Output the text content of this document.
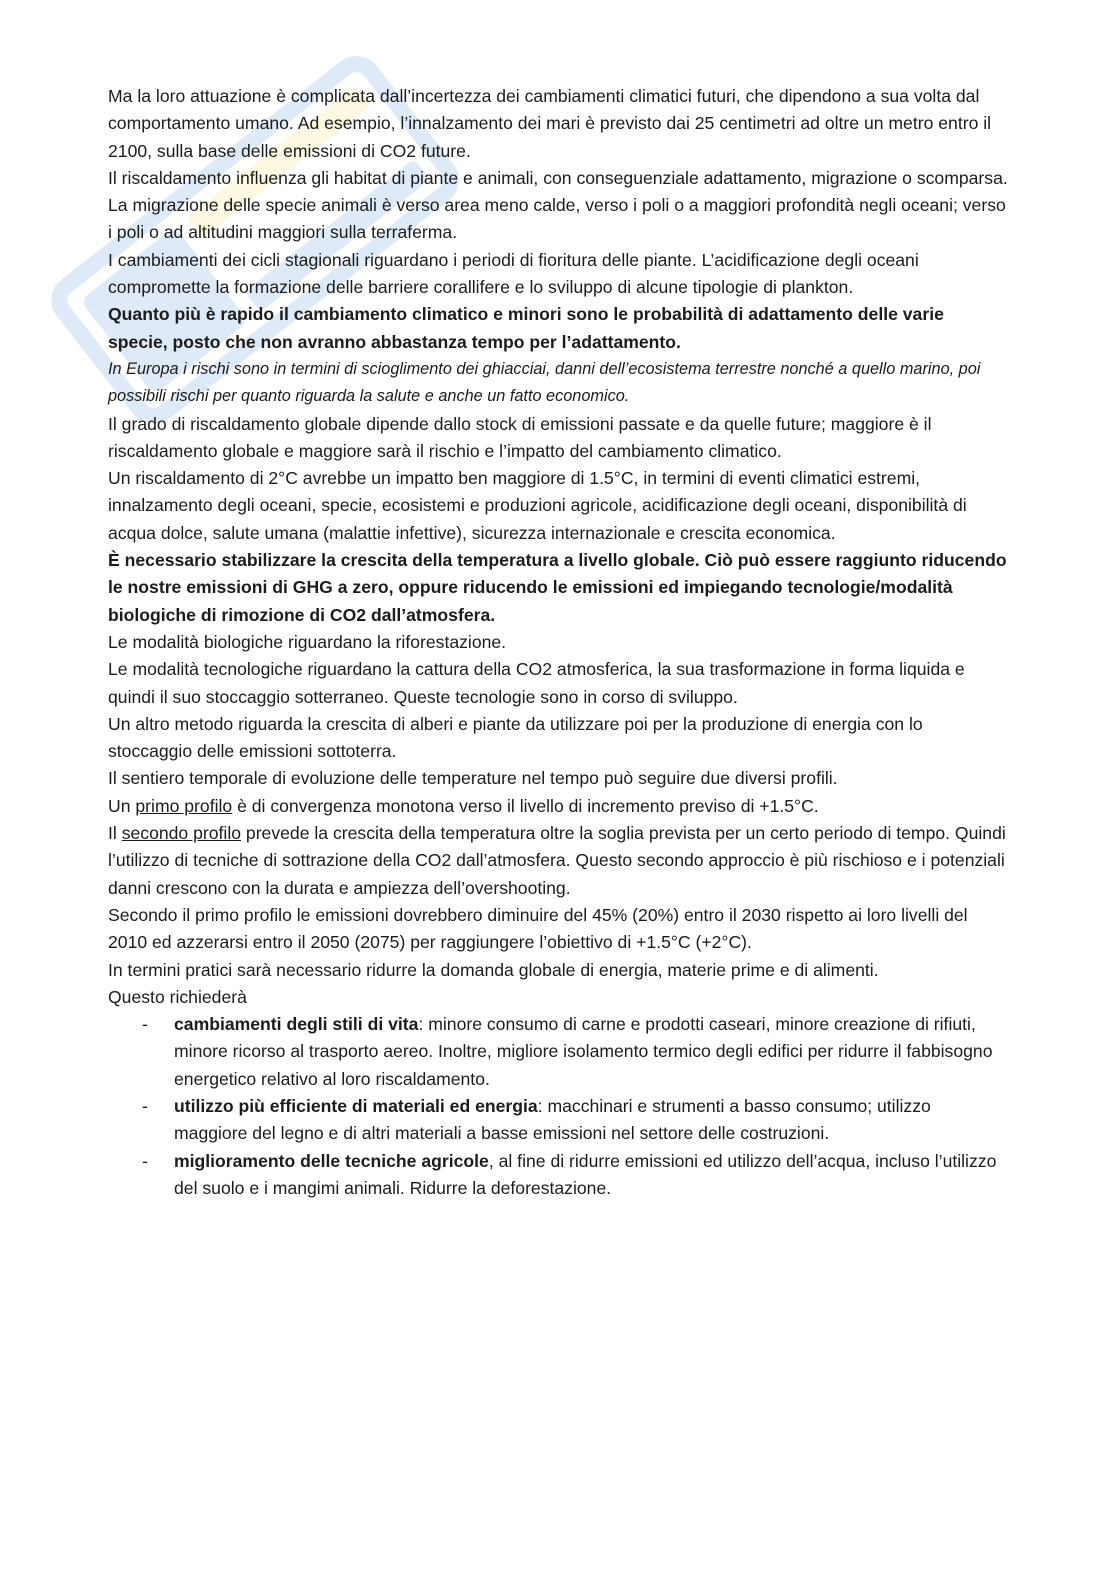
Ma la loro attuazione è complicata dall’incertezza dei cambiamenti climatici futuri, che dipendono a sua volta dal comportamento umano. Ad esempio, l’innalzamento dei mari è previsto dai 25 centimetri ad oltre un metro entro il 2100, sulla base delle emissioni di CO2 future.

Il riscaldamento influenza gli habitat di piante e animali, con conseguenziale adattamento, migrazione o scomparsa.

La migrazione delle specie animali è verso area meno calde, verso i poli o a maggiori profondità negli oceani; verso i poli o ad altitudini maggiori sulla terraferma.

I cambiamenti dei cicli stagionali riguardano i periodi di fioritura delle piante. L’acidificazione degli oceani compromette la formazione delle barriere corallifere e lo sviluppo di alcune tipologie di plankton.

Quanto più è rapido il cambiamento climatico e minori sono le probabilità di adattamento delle varie specie, posto che non avranno abbastanza tempo per l’adattamento.

In Europa i rischi sono in termini di scioglimento dei ghiacciai, danni dell’ecosistema terrestre nonché a quello marino, poi possibili rischi per quanto riguarda la salute e anche un fatto economico.

Il grado di riscaldamento globale dipende dallo stock di emissioni passate e da quelle future; maggiore è il riscaldamento globale e maggiore sarà il rischio e l’impatto del cambiamento climatico.

Un riscaldamento di 2°C avrebbe un impatto ben maggiore di 1.5°C, in termini di eventi climatici estremi, innalzamento degli oceani, specie, ecosistemi e produzioni agricole, acidificazione degli oceani, disponibilità di acqua dolce, salute umana (malattie infettive), sicurezza internazionale e crescita economica.

È necessario stabilizzare la crescita della temperatura a livello globale. Ciò può essere raggiunto riducendo le nostre emissioni di GHG a zero, oppure riducendo le emissioni ed impiegando tecnologie/modalità biologiche di rimozione di CO2 dall’atmosfera.

Le modalità biologiche riguardano la riforestazione.

Le modalità tecnologiche riguardano la cattura della CO2 atmosferica, la sua trasformazione in forma liquida e quindi il suo stoccaggio sotterraneo. Queste tecnologie sono in corso di sviluppo.

Un altro metodo riguarda la crescita di alberi e piante da utilizzare poi per la produzione di energia con lo stoccaggio delle emissioni sottoterra.

Il sentiero temporale di evoluzione delle temperature nel tempo può seguire due diversi profili.

Un primo profilo è di convergenza monotona verso il livello di incremento previso di +1.5°C.

Il secondo profilo prevede la crescita della temperatura oltre la soglia prevista per un certo periodo di tempo. Quindi l’utilizzo di tecniche di sottrazione della CO2 dall’atmosfera. Questo secondo approccio è più rischioso e i potenziali danni crescono con la durata e ampiezza dell’overshooting.

Secondo il primo profilo le emissioni dovrebbero diminuire del 45% (20%) entro il 2030 rispetto ai loro livelli del 2010 ed azzerarsi entro il 2050 (2075) per raggiungere l’obiettivo di +1.5°C (+2°C).

In termini pratici sarà necessario ridurre la domanda globale di energia, materie prime e di alimenti.

Questo richiederà

- cambiamenti degli stili di vita: minore consumo di carne e prodotti caseari, minore creazione di rifiuti, minore ricorso al trasporto aereo. Inoltre, migliore isolamento termico degli edifici per ridurre il fabbisogno energetico relativo al loro riscaldamento.
- utilizzo più efficiente di materiali ed energia: macchinari e strumenti a basso consumo; utilizzo maggiore del legno e di altri materiali a basse emissioni nel settore delle costruzioni.
- miglioramento delle tecniche agricole, al fine di ridurre emissioni ed utilizzo dell’acqua, incluso l’utilizzo del suolo e i mangimi animali. Ridurre la deforestazione.
